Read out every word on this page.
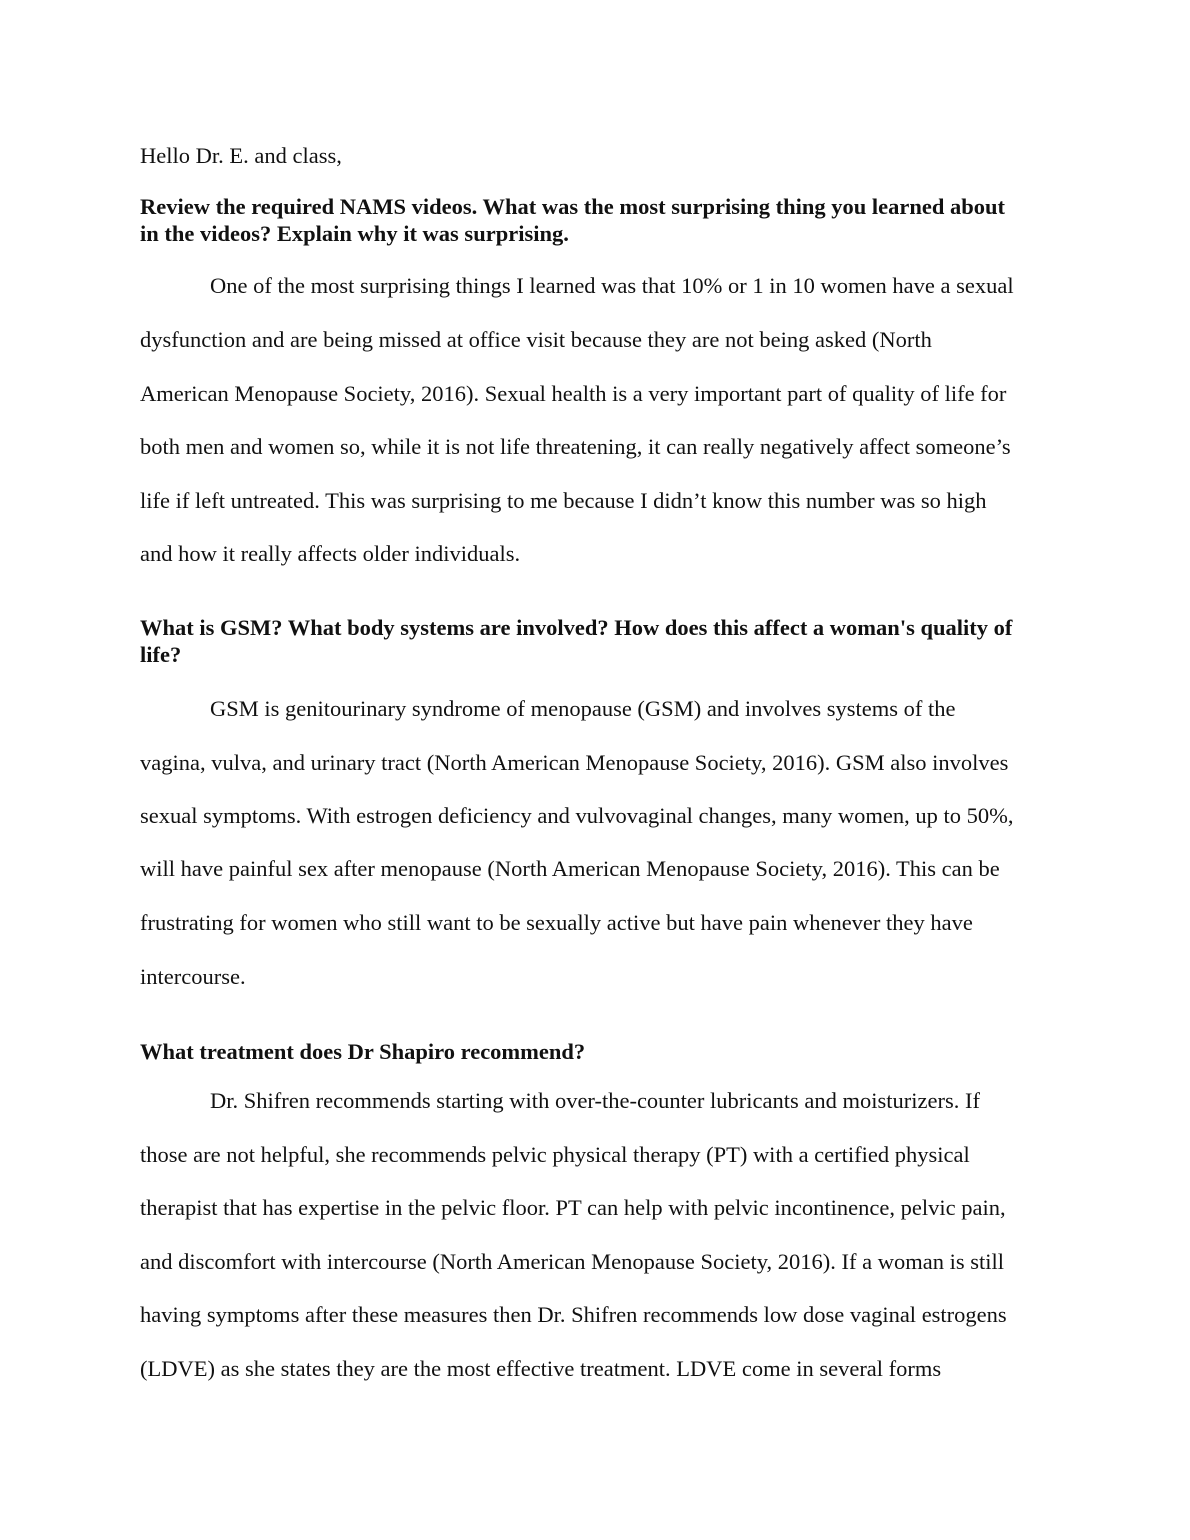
Hello Dr. E. and class,

Review the required NAMS videos. What was the most surprising thing you learned about

in the videos? Explain why it was surprising.

One of the most surprising things I learned was that 10% or 1 in 10 women have a sexual

dysfunction and are being missed at office visit because they are not being asked (North

American Menopause Society, 2016). Sexual health is a very important part of quality of life for

both men and women so, while it is not life threatening, it can really negatively affect someone’s

life if left untreated. This was surprising to me because I didn’t know this number was so high

and how it really affects older individuals.

What is GSM? What body systems are involved? How does this affect a woman's quality of

life?

GSM is genitourinary syndrome of menopause (GSM) and involves systems of the

vagina, vulva, and urinary tract (North American Menopause Society, 2016). GSM also involves

sexual symptoms. With estrogen deficiency and vulvovaginal changes, many women, up to 50%,

will have painful sex after menopause (North American Menopause Society, 2016). This can be

frustrating for women who still want to be sexually active but have pain whenever they have

intercourse.

What treatment does Dr Shapiro recommend?

Dr. Shifren recommends starting with over-the-counter lubricants and moisturizers. If

those are not helpful, she recommends pelvic physical therapy (PT) with a certified physical

therapist that has expertise in the pelvic floor. PT can help with pelvic incontinence, pelvic pain,

and discomfort with intercourse (North American Menopause Society, 2016). If a woman is still

having symptoms after these measures then Dr. Shifren recommends low dose vaginal estrogens

(LDVE) as she states they are the most effective treatment. LDVE come in several forms
